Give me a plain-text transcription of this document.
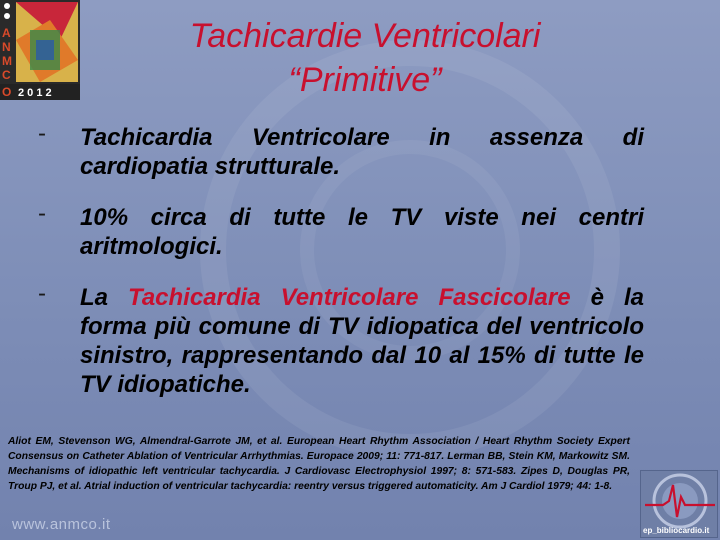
A
N
M
C
O 2 0 1 2
Tachicardie Ventricolari
“Primitive”
- Tachicardia Ventricolare in assenza di cardiopatia strutturale.
- 10% circa di tutte le TV viste nei centri aritmologici.
- La Tachicardia Ventricolare Fascicolare è la forma più comune di TV idiopatica del ventricolo sinistro, rappresentando dal 10 al 15% di tutte le TV idiopatiche.
Aliot EM, Stevenson WG, Almendral-Garrote JM, et al. European Heart Rhythm Association / Heart Rhythm Society Expert Consensus on Catheter Ablation of Ventricular Arrhythmias. Europace 2009; 11: 771-817. Lerman BB, Stein KM, Markowitz SM. Mechanisms of idiopathic left ventricular tachycardia. J Cardiovasc Electrophysiol 1997; 8: 571-583. Zipes D, Douglas PR, Troup PJ, et al. Atrial induction of ventricular tachycardia: reentry versus triggered automaticity. Am J Cardiol 1979; 44: 1-8.
www.anmco.it	ep_bibliocardio.it
